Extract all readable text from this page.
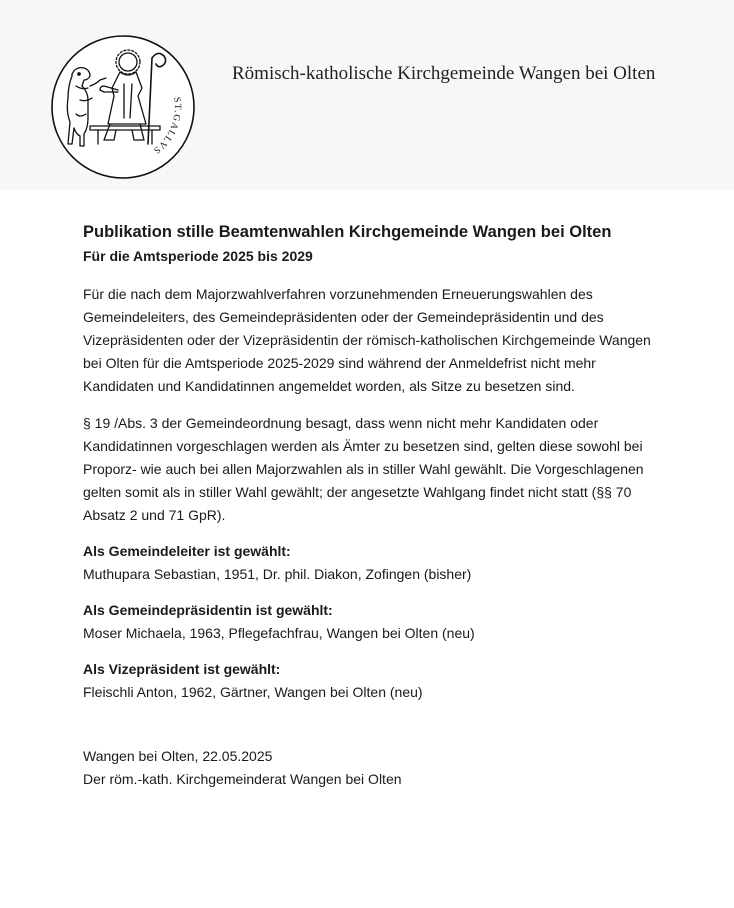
ST.GALLVS
Römisch-katholische Kirchgemeinde Wangen bei Olten
Publikation stille Beamtenwahlen Kirchgemeinde Wangen bei Olten

Für die Amtsperiode 2025 bis 2029

Für die nach dem Majorzwahlverfahren vorzunehmenden Erneuerungswahlen des Gemeindeleiters, des Gemeindepräsidenten oder der Gemeindepräsidentin und des Vizepräsidenten oder der Vizepräsidentin der römisch-katholischen Kirchgemeinde Wangen bei Olten für die Amtsperiode 2025-2029 sind während der Anmeldefrist nicht mehr Kandidaten und Kandidatinnen angemeldet worden, als Sitze zu besetzen sind.

§ 19 /Abs. 3 der Gemeindeordnung besagt, dass wenn nicht mehr Kandidaten oder Kandidatinnen vorgeschlagen werden als Ämter zu besetzen sind, gelten diese sowohl bei Proporz- wie auch bei allen Majorzwahlen als in stiller Wahl gewählt. Die Vorgeschlagenen gelten somit als in stiller Wahl gewählt; der angesetzte Wahlgang findet nicht statt (§§ 70 Absatz 2 und 71 GpR).

Als Gemeindeleiter ist gewählt:

Muthupara Sebastian, 1951, Dr. phil. Diakon, Zofingen (bisher)

Als Gemeindepräsidentin ist gewählt:

Moser Michaela, 1963, Pflegefachfrau, Wangen bei Olten (neu)

Als Vizepräsident ist gewählt:

Fleischli Anton, 1962, Gärtner, Wangen bei Olten (neu)

Wangen bei Olten, 22.05.2025
Der röm.-kath. Kirchgemeinderat Wangen bei Olten
